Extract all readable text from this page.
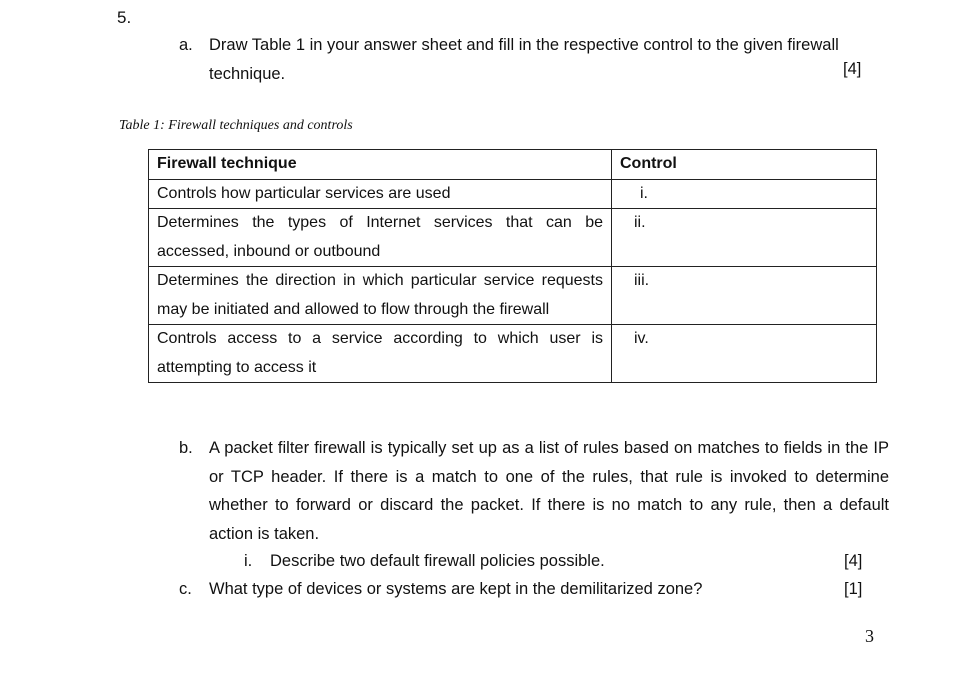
5.
a. Draw Table 1 in your answer sheet and fill in the respective control to the given firewall technique.	[4]
Table 1: Firewall techniques and controls
Firewall technique	Control
Controls how particular services are used	i.
Determines the types of Internet services that can be accessed, inbound or outbound	ii.
Determines the direction in which particular service requests may be initiated and allowed to flow through the firewall	iii.
Controls access to a service according to which user is attempting to access it	iv.
b. A packet filter firewall is typically set up as a list of rules based on matches to fields in the IP or TCP header. If there is a match to one of the rules, that rule is invoked to determine whether to forward or discard the packet. If there is no match to any rule, then a default action is taken.
i. Describe two default firewall policies possible.	[4]
c. What type of devices or systems are kept in the demilitarized zone?	[1]
3
